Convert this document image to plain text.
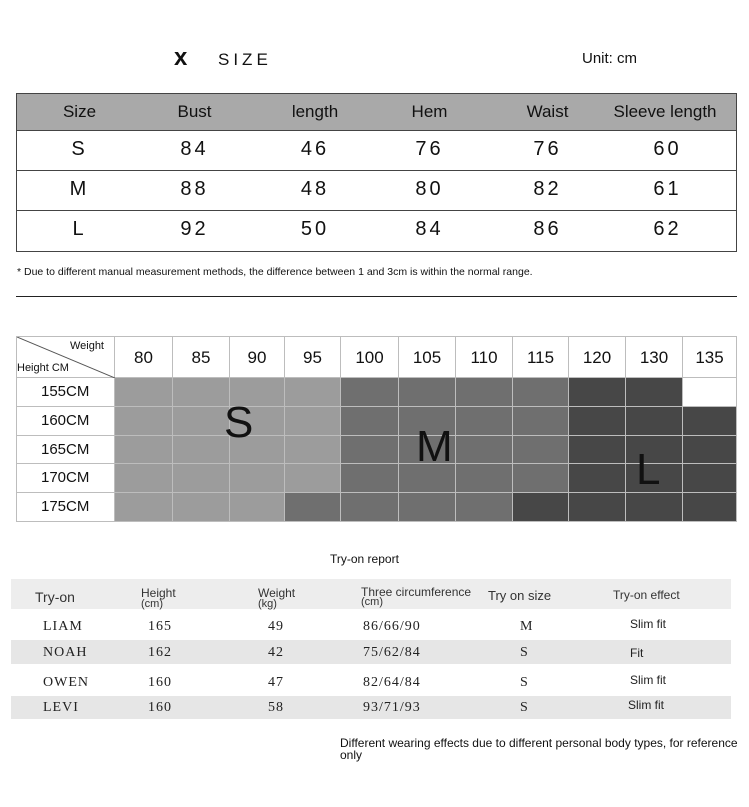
x SIZE	Unit: cm
Size	Bust	length	Hem	Waist	Sleeve length
S	84	46	76	76	60
M	88	48	80	82	61
L	92	50	84	86	62
* Due to different manual measurement methods, the difference between 1 and 3cm is within the normal range.
Weight
Height CM
80	85	90	95	100	105	110	115	120	130	135
155CM
160CM
165CM
170CM
175CM
S	M	L
Try-on report
Try-on	Height
(cm)
Weight
(kg)
Three circumference
(cm)	Try on size	Try-on effect
LIAM	165	49	86/66/90	M	Slim fit
NOAH	162	42	75/62/84	S	Fit
OWEN	160	47	82/64/84	S	Slim fit
LEVI	160	58	93/71/93	S	Slim fit
Different wearing effects due to different personal body types, for reference only
